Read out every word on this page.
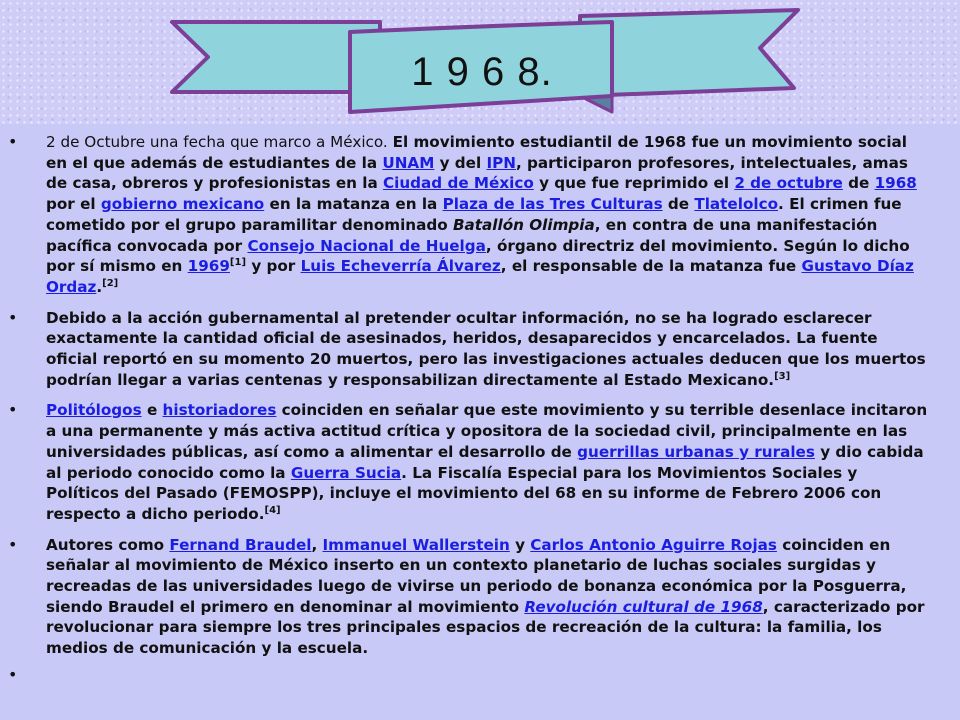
1 9 6 8.
• 2 de Octubre una fecha que marco a México. El movimiento estudiantil de 1968 fue un movimiento social en el que además de estudiantes de la UNAM y del IPN, participaron profesores, intelectuales, amas de casa, obreros y profesionistas en la Ciudad de México y que fue reprimido el 2 de octubre de 1968 por el gobierno mexicano en la matanza en la Plaza de las Tres Culturas de Tlatelolco. El crimen fue cometido por el grupo paramilitar denominado Batallón Olimpia, en contra de una manifestación pacífica convocada por Consejo Nacional de Huelga, órgano directriz del movimiento. Según lo dicho por sí mismo en 1969[1] y por Luis Echeverría Álvarez, el responsable de la matanza fue Gustavo Díaz Ordaz.[2]
• Debido a la acción gubernamental al pretender ocultar información, no se ha logrado esclarecer exactamente la cantidad oficial de asesinados, heridos, desaparecidos y encarcelados. La fuente oficial reportó en su momento 20 muertos, pero las investigaciones actuales deducen que los muertos podrían llegar a varias centenas y responsabilizan directamente al Estado Mexicano.[3]
• Politólogos e historiadores coinciden en señalar que este movimiento y su terrible desenlace incitaron a una permanente y más activa actitud crítica y opositora de la sociedad civil, principalmente en las universidades públicas, así como a alimentar el desarrollo de guerrillas urbanas y rurales y dio cabida al periodo conocido como la Guerra Sucia. La Fiscalía Especial para los Movimientos Sociales y Políticos del Pasado (FEMOSPP), incluye el movimiento del 68 en su informe de Febrero 2006 con respecto a dicho periodo.[4]
• Autores como Fernand Braudel, Immanuel Wallerstein y Carlos Antonio Aguirre Rojas coinciden en señalar al movimiento de México inserto en un contexto planetario de luchas sociales surgidas y recreadas de las universidades luego de vivirse un periodo de bonanza económica por la Posguerra, siendo Braudel el primero en denominar al movimiento Revolución cultural de 1968, caracterizado por revolucionar para siempre los tres principales espacios de recreación de la cultura: la familia, los medios de comunicación y la escuela.
•
